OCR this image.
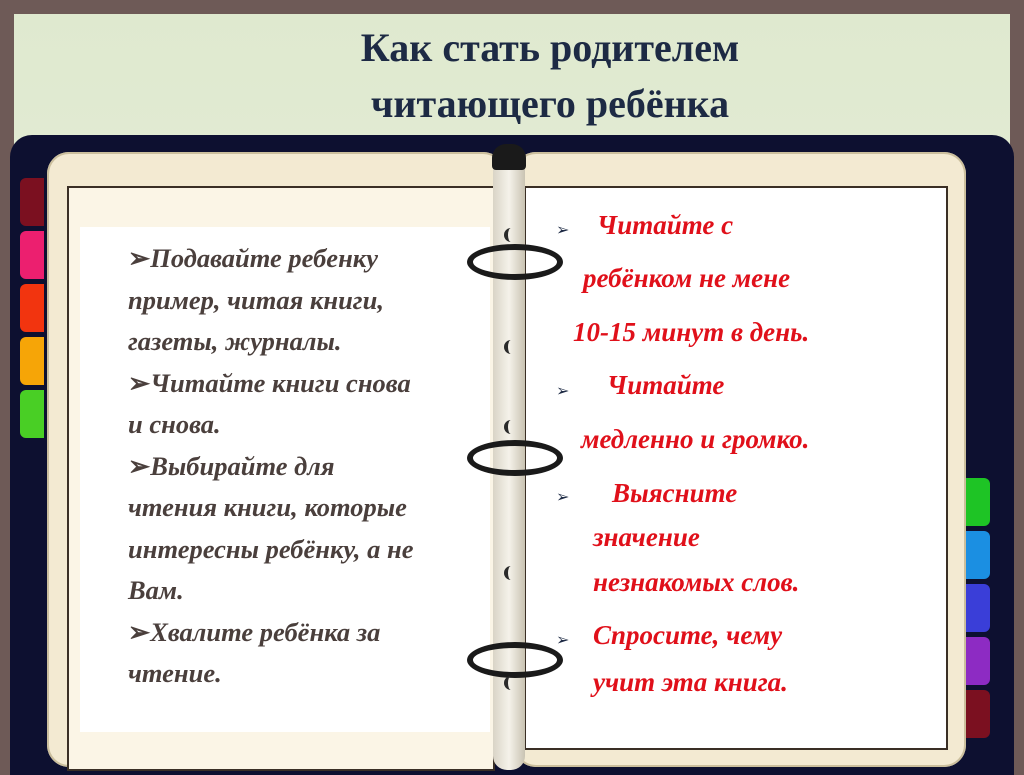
Как стать родителем
читающего ребёнка
➢Подавайте ребенку
пример, читая книги,
газеты, журналы.
➢Читайте книги снова
и снова.
➢Выбирайте для
чтения книги, которые
интересны ребёнку, а не
Вам.
➢Хвалите ребёнка за
чтение.
➢
➢
➢
➢
Читайте с
ребёнком не мене
10-15 минут в день.
Читайте
медленно и громко.
Выясните
значение
незнакомых слов.
Спросите, чему
учит эта книга.
